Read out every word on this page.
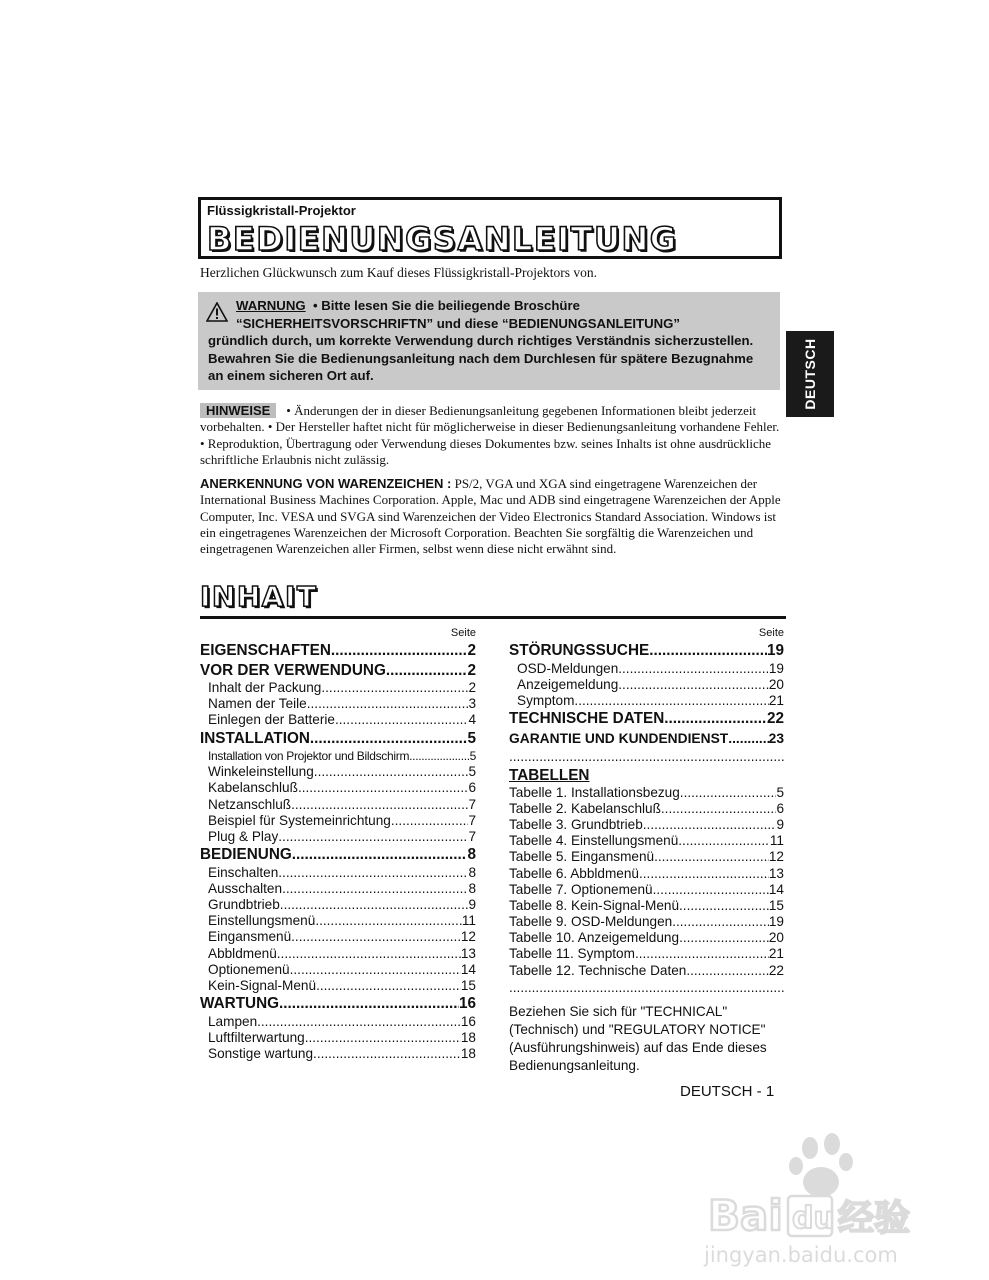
Flüssigkristall-Projektor
BEDIENUNGSANLEITUNG
Herzlichen Glückwunsch zum Kauf dieses Flüssigkristall-Projektors von.
WARNUNG • Bitte lesen Sie die beiliegende Broschüre
“SICHERHEITSVORSCHRIFTN” und diese “BEDIENUNGSANLEITUNG”
gründlich durch, um korrekte Verwendung durch richtiges Verständnis sicherzustellen. Bewahren Sie die Bedienungsanleitung nach dem Durchlesen für spätere Bezugnahme an einem sicheren Ort auf.	DEUTSCH
HINWEISE • Änderungen der in dieser Bedienungsanleitung gegebenen Informationen bleibt jederzeit vorbehalten. • Der Hersteller haftet nicht für möglicherweise in dieser Bedienungsanleitung vorhandene Fehler. • Reproduktion, Übertragung oder Verwendung dieses Dokumentes bzw. seines Inhalts ist ohne ausdrückliche schriftliche Erlaubnis nicht zulässig.
ANERKENNUNG VON WARENZEICHEN : PS/2, VGA und XGA sind eingetragene Warenzeichen der International Business Machines Corporation. Apple, Mac und ADB sind eingetragene Warenzeichen der Apple Computer, Inc. VESA und SVGA sind Warenzeichen der Video Electronics Standard Association. Windows ist ein eingetragenes Warenzeichen der Microsoft Corporation. Beachten Sie sorgfältig die Warenzeichen und eingetragenen Warenzeichen aller Firmen, selbst wenn diese nicht erwähnt sind.
INHAIT
Seite
EIGENSCHAFTEN .....	2
VOR DER VERWENDUNG .....	2
Inhalt der Packung .....	2
Namen der Teile .....	3
Einlegen der Batterie .....	4
INSTALLATION .....	5
Installation von Projektor und Bildschirm .....	5
Winkeleinstellung .....	5
Kabelanschluß .....	6
Netzanschluß .....	7
Beispiel für Systemeinrichtung .....	7
Plug & Play .....	7
BEDIENUNG .....	8
Einschalten .....	8
Ausschalten .....	8
Grundbtrieb .....	9
Einstellungsmenü .....	11
Eingansmenü .....	12
Abbldmenü .....	13
Optionemenü .....	14
Kein-Signal-Menü .....	15
WARTUNG .....	16
Lampen .....	16
Luftfilterwartung .....	18
Sonstige wartung .....	18
Seite
STÖRUNGSSUCHE .....	19
OSD-Meldungen .....	19
Anzeigemeldung .....	20
Symptom .....	21
TECHNISCHE DATEN .....	22
GARANTIE UND KUNDENDIENST .....	23
.....
TABELLEN
Tabelle 1. Installationsbezug .....	5
Tabelle 2. Kabelanschluß .....	6
Tabelle 3. Grundbtrieb .....	9
Tabelle 4. Einstellungsmenü .....	11
Tabelle 5. Eingansmenü .....	12
Tabelle 6. Abbldmenü .....	13
Tabelle 7. Optionemenü .....	14
Tabelle 8. Kein-Signal-Menü .....	15
Tabelle 9. OSD-Meldungen .....	19
Tabelle 10. Anzeigemeldung .....	20
Tabelle 11. Symptom .....	21
Tabelle 12. Technische Daten .....	22
.....
Beziehen Sie sich für "TECHNICAL" (Technisch) und "REGULATORY NOTICE" (Ausführungshinweis) auf das Ende dieses Bedienungsanleitung.
DEUTSCH - 1
Bai du 经验
jingyan.baidu.com
